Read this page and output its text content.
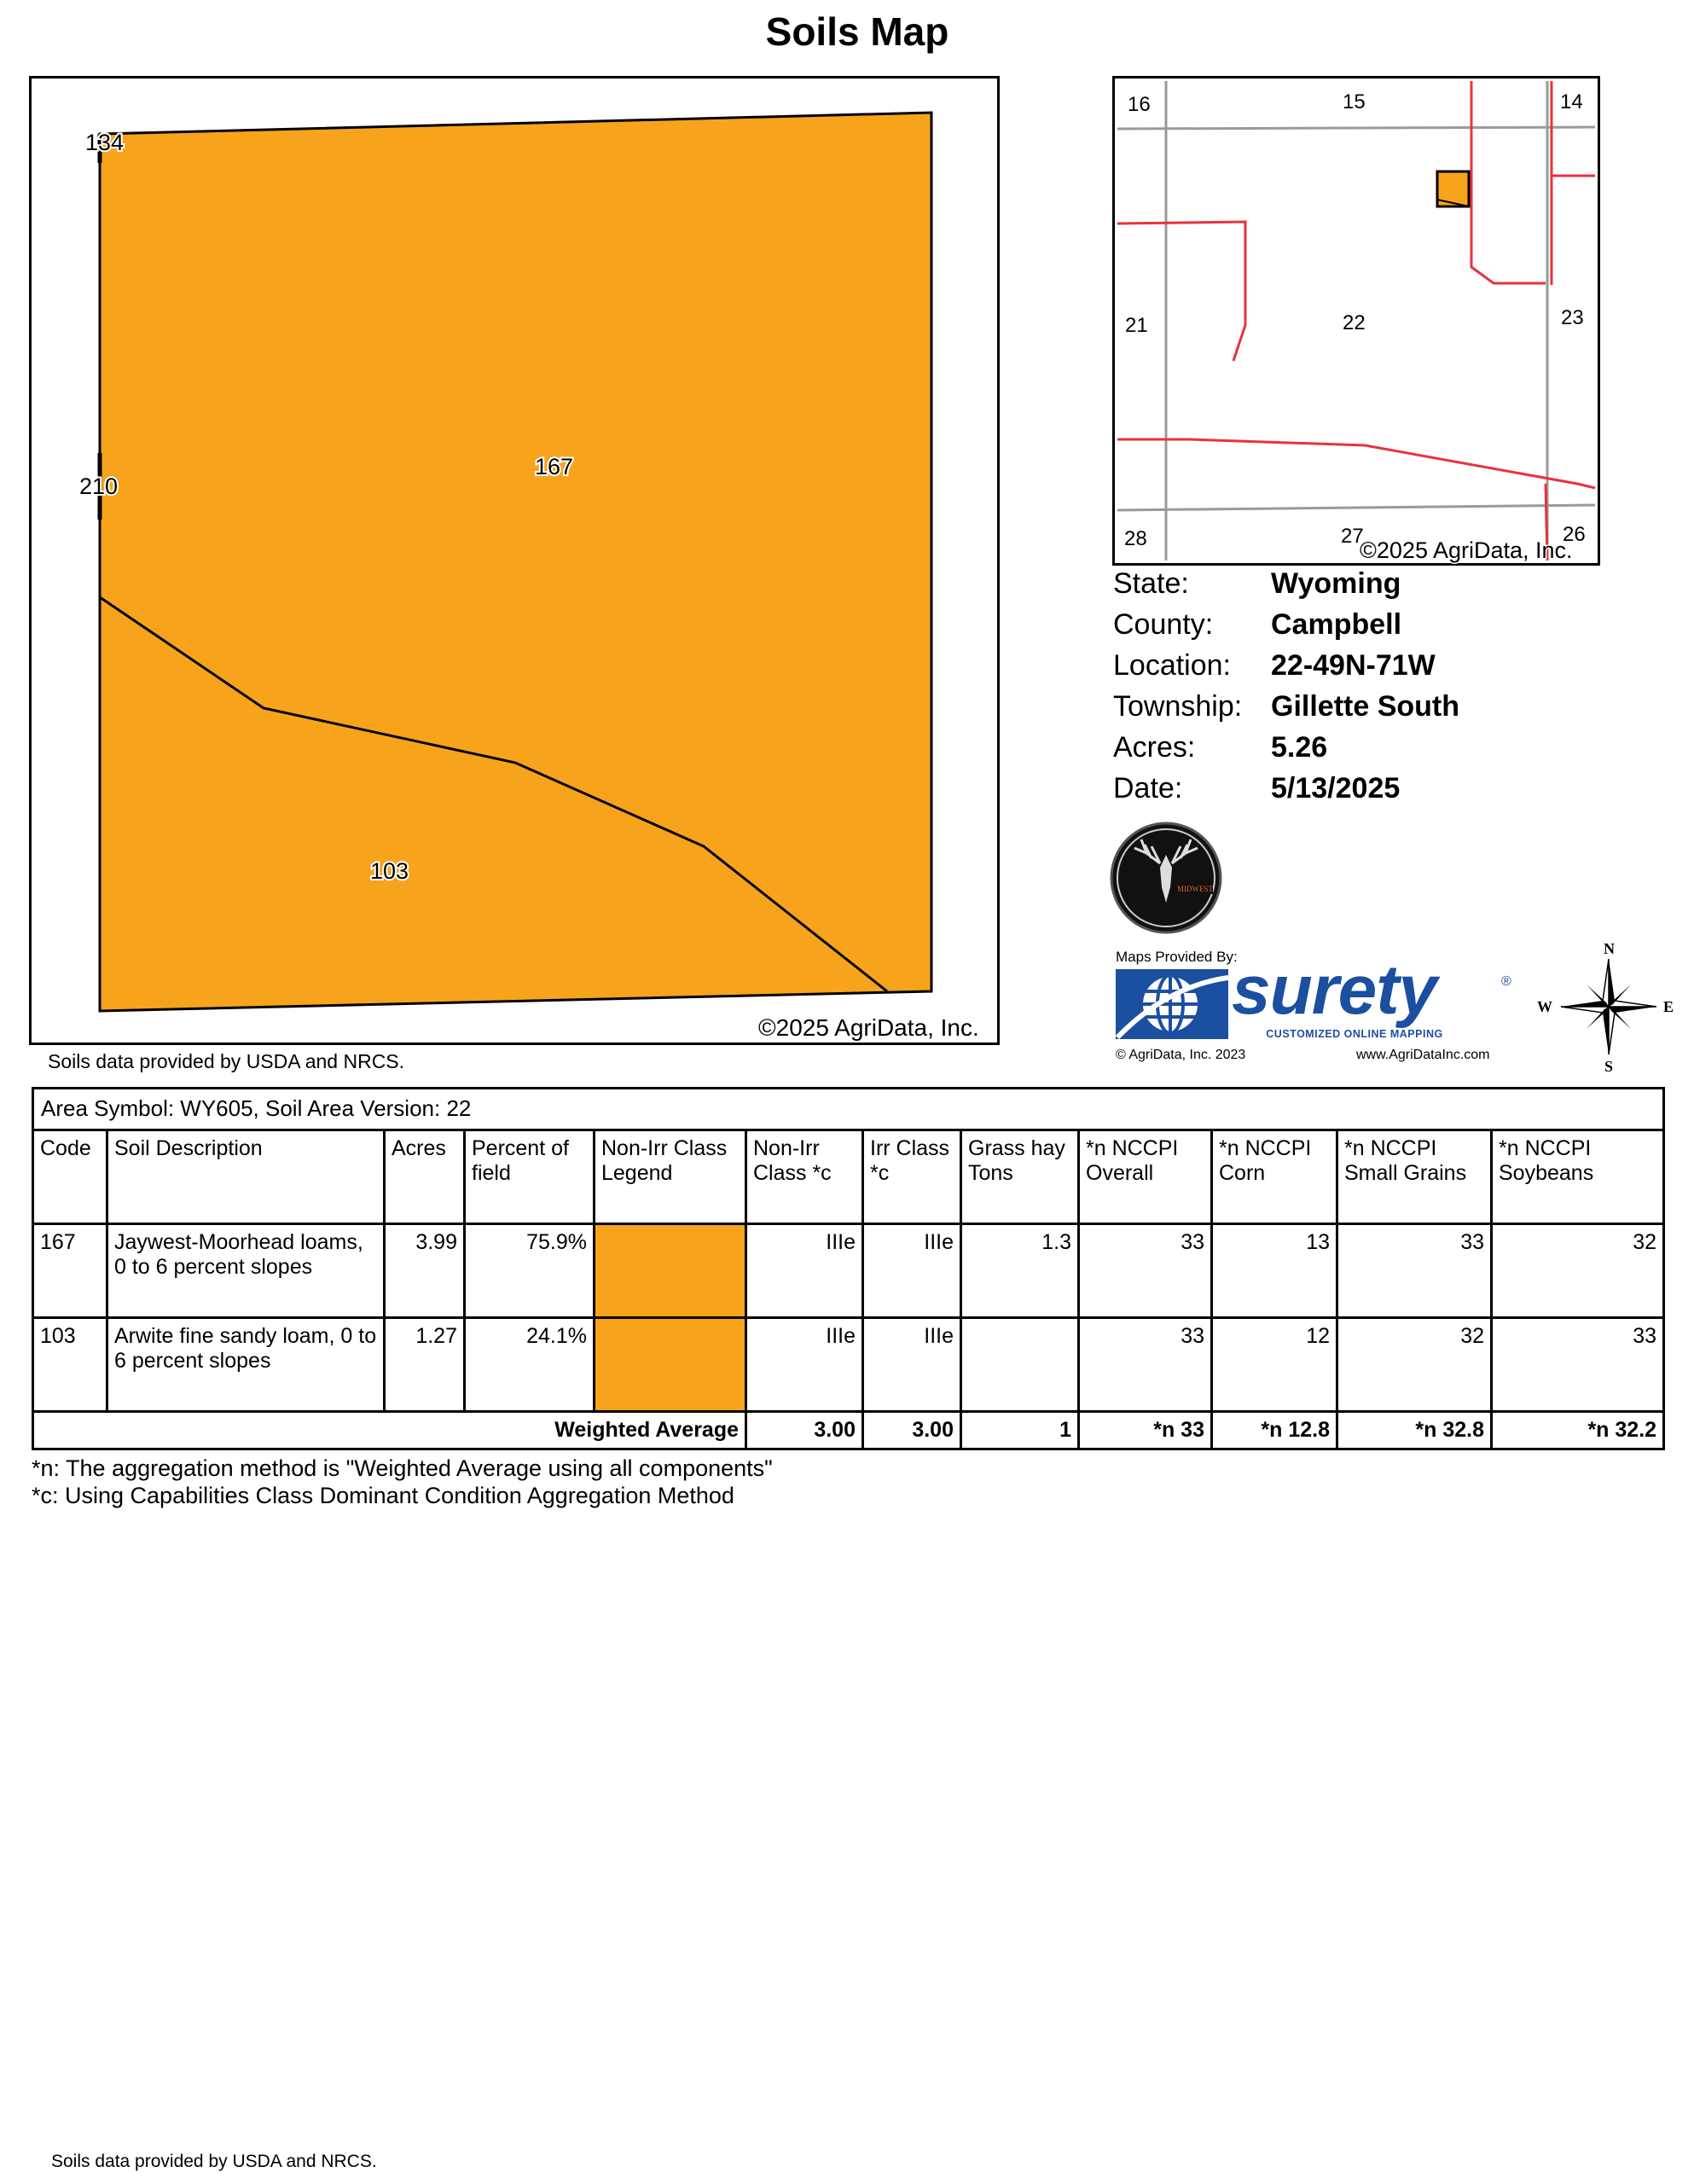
Soils Map
134
210
167
103
©2025 AgriData, Inc.
Soils data provided by USDA and NRCS.
16	15	14
21	22	23
28	27	26
©2025 AgriData, Inc.
State:	Wyoming
County: Campbell
Location: 22-49N-71W
Township: Gillette South
Acres:	5.26
Date:	5/13/2025
MIDWEST
Maps Provided By:
surety	®
CUSTOMIZED ONLINE MAPPING
© AgriData, Inc. 2023	www.AgriDataInc.com
N
S
W	E
Area Symbol: WY605, Soil Area Version: 22											
Code	Soil Description	Acres	Percent of field	Non-Irr Class Legend	Non-Irr Class *c	Irr Class *c	Grass hay Tons	*n NCCPI Overall	*n NCCPI Corn	*n NCCPI Small Grains	*n NCCPI Soybeans
167	Jaywest-Moorhead loams, 0 to 6 percent slopes	3.99	75.9%		IIIe	IIIe	1.3	33	13	33	32
103	Arwite fine sandy loam, 0 to 6 percent slopes	1.27	24.1%		IIIe	IIIe		33	12	32	33
Weighted Average					3.00	3.00	1	*n 33	*n 12.8	*n 32.8	*n 32.2
*n: The aggregation method is "Weighted Average using all components"
*c: Using Capabilities Class Dominant Condition Aggregation Method
Soils data provided by USDA and NRCS.
